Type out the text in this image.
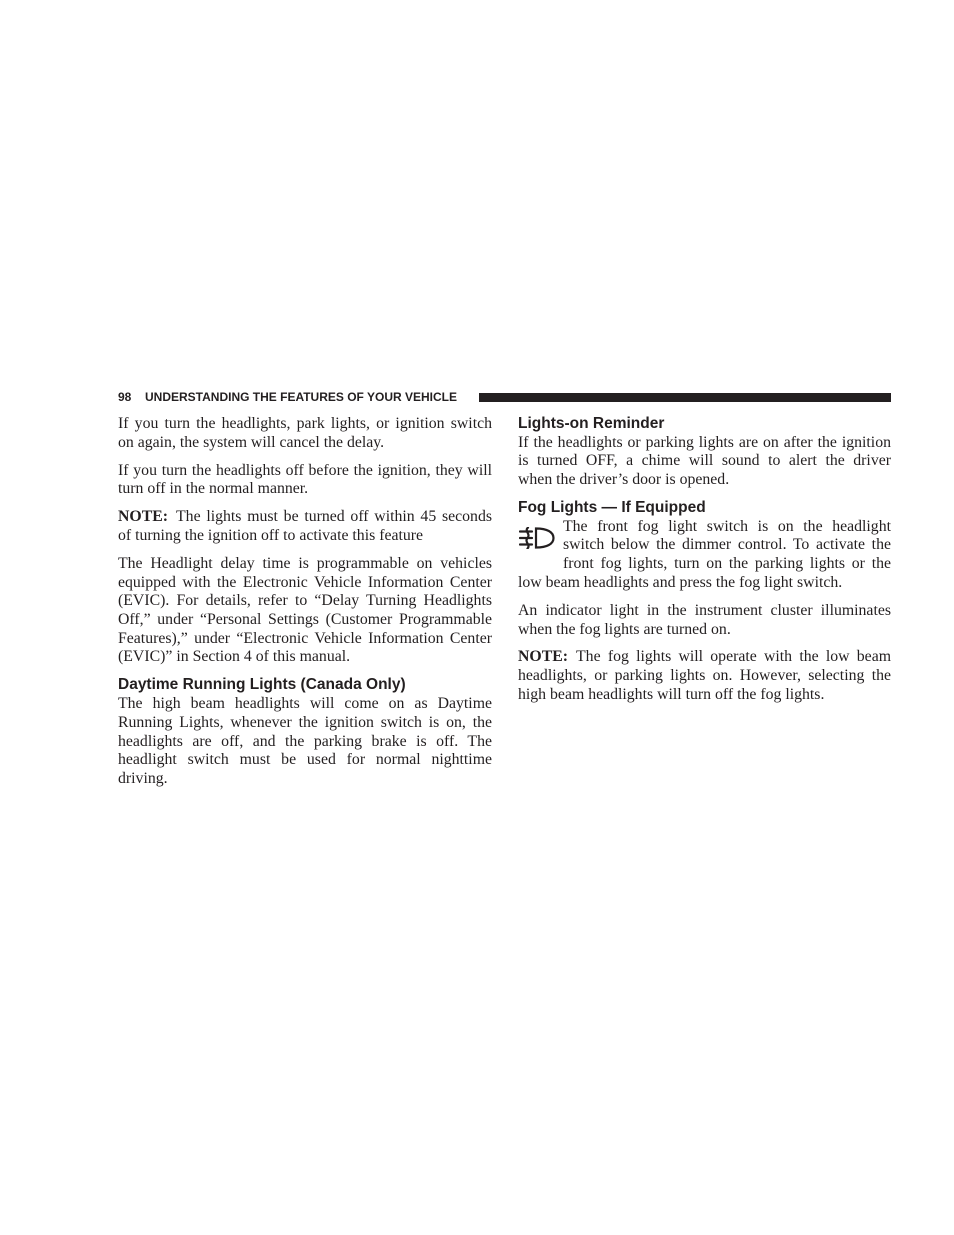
98 UNDERSTANDING THE FEATURES OF YOUR VEHICLE
If you turn the headlights, park lights, or ignition switch
on again, the system will cancel the delay.
If you turn the headlights off before the ignition, they will
turn off in the normal manner.
NOTE: The lights must be turned off within 45 seconds
of turning the ignition off to activate this feature
The Headlight delay time is programmable on vehicles
equipped with the Electronic Vehicle Information Center
(EVIC). For details, refer to “Delay Turning Headlights
Off,” under “Personal Settings (Customer Programmable
Features),” under “Electronic Vehicle Information Center
(EVIC)” in Section 4 of this manual.
Daytime Running Lights (Canada Only)
The high beam headlights will come on as Daytime
Running Lights, whenever the ignition switch is on, the
headlights are off, and the parking brake is off. The
headlight switch must be used for normal nighttime
driving.
Lights-on Reminder
If the headlights or parking lights are on after the ignition
is turned OFF, a chime will sound to alert the driver
when the driver’s door is opened.
Fog Lights — If Equipped
The front fog light switch is on the headlight
switch below the dimmer control. To activate the
front fog lights, turn on the parking lights or the
low beam headlights and press the fog light switch.
An indicator light in the instrument cluster illuminates
when the fog lights are turned on.
NOTE: The fog lights will operate with the low beam
headlights, or parking lights on. However, selecting the
high beam headlights will turn off the fog lights.
